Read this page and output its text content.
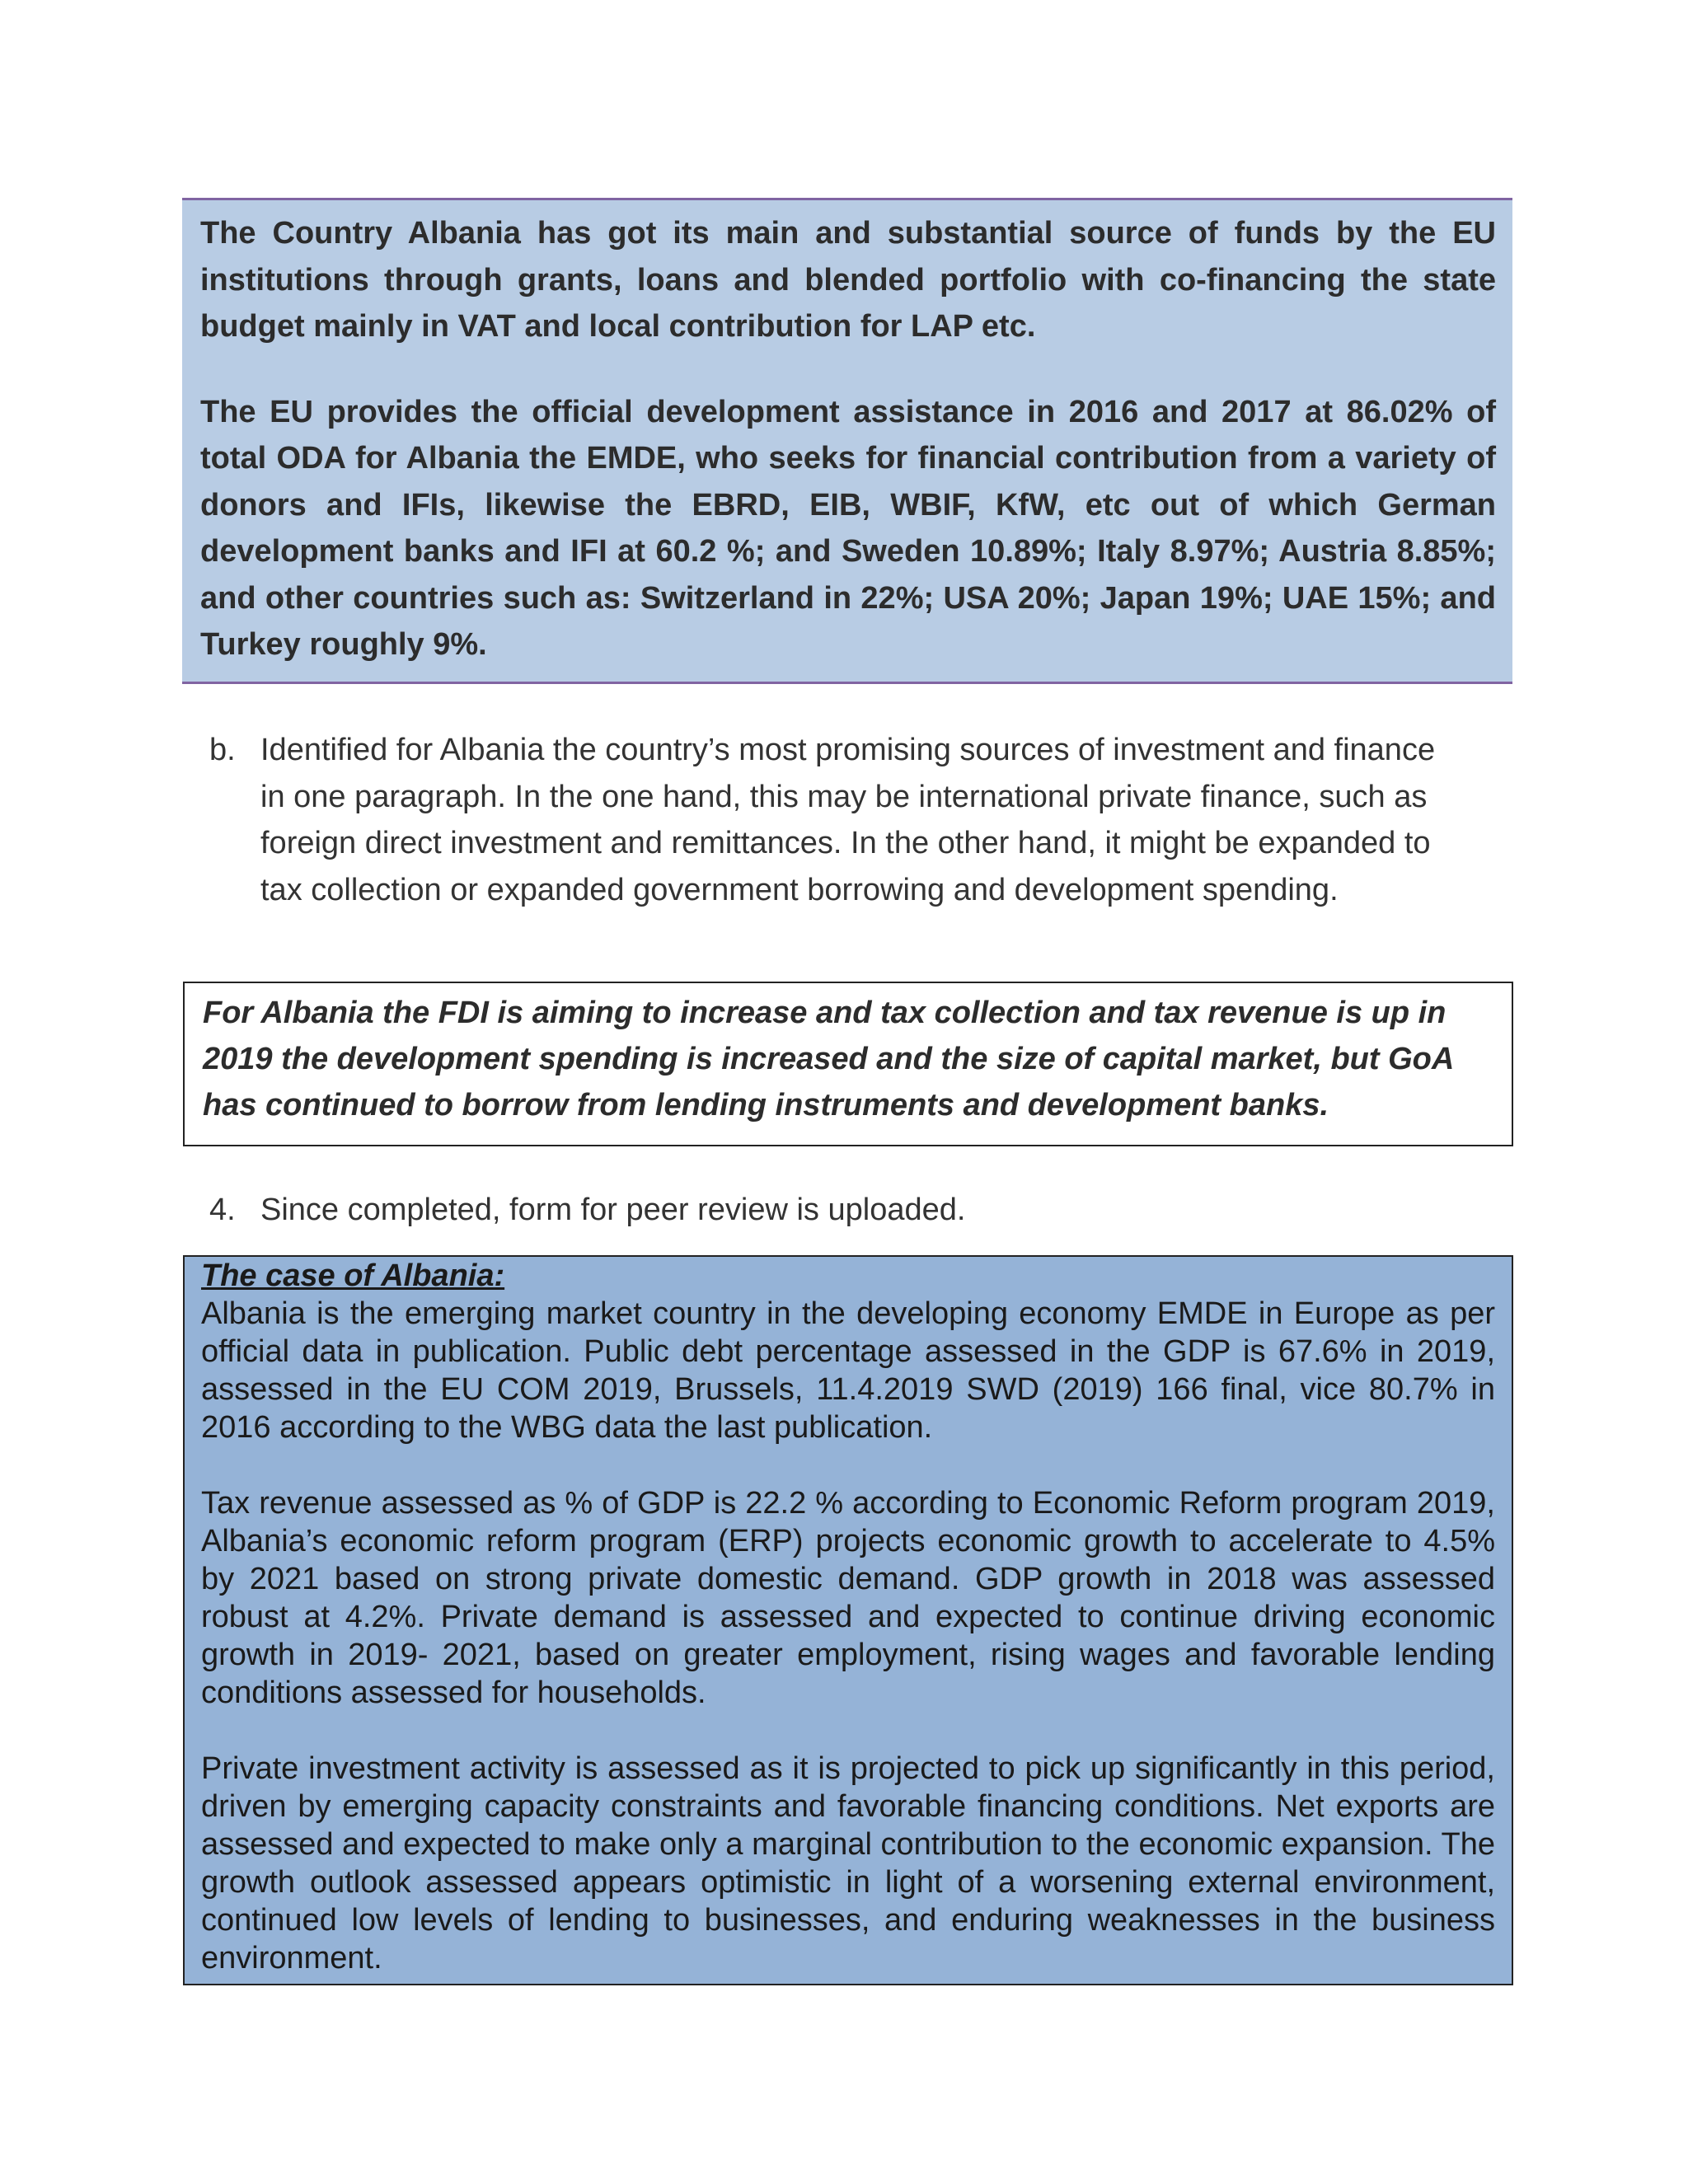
The Country Albania has got its main and substantial source of funds by the EU institutions through grants, loans and blended portfolio with co-financing the state budget mainly in VAT and local contribution for LAP etc.

The EU provides the official development assistance in 2016 and 2017 at 86.02% of total ODA for Albania the EMDE, who seeks for financial contribution from a variety of donors and IFIs, likewise the EBRD, EIB, WBIF, KfW, etc out of which German development banks and IFI at 60.2 %; and Sweden 10.89%; Italy 8.97%; Austria 8.85%; and other countries such as: Switzerland in 22%; USA 20%; Japan 19%; UAE 15%; and Turkey roughly 9%.

b. Identified for Albania the country’s most promising sources of investment and finance in one paragraph. In the one hand, this may be international private finance, such as foreign direct investment and remittances. In the other hand, it might be expanded to tax collection or expanded government borrowing and development spending.

For Albania the FDI is aiming to increase and tax collection and tax revenue is up in 2019 the development spending is increased and the size of capital market, but GoA has continued to borrow from lending instruments and development banks.

4. Since completed, form for peer review is uploaded.
The case of Albania:

Albania is the emerging market country in the developing economy EMDE in Europe as per official data in publication. Public debt percentage assessed in the GDP is 67.6% in 2019, assessed in the EU COM 2019, Brussels, 11.4.2019 SWD (2019) 166 final, vice 80.7% in 2016 according to the WBG data the last publication.

Tax revenue assessed as % of GDP is 22.2 % according to Economic Reform program 2019, Albania’s economic reform program (ERP) projects economic growth to accelerate to 4.5% by 2021 based on strong private domestic demand. GDP growth in 2018 was assessed robust at 4.2%. Private demand is assessed and expected to continue driving economic growth in 2019- 2021, based on greater employment, rising wages and favorable lending conditions assessed for households.

Private investment activity is assessed as it is projected to pick up significantly in this period, driven by emerging capacity constraints and favorable financing conditions. Net exports are assessed and expected to make only a marginal contribution to the economic expansion. The growth outlook assessed appears optimistic in light of a worsening external environment, continued low levels of lending to businesses, and enduring weaknesses in the business environment.
